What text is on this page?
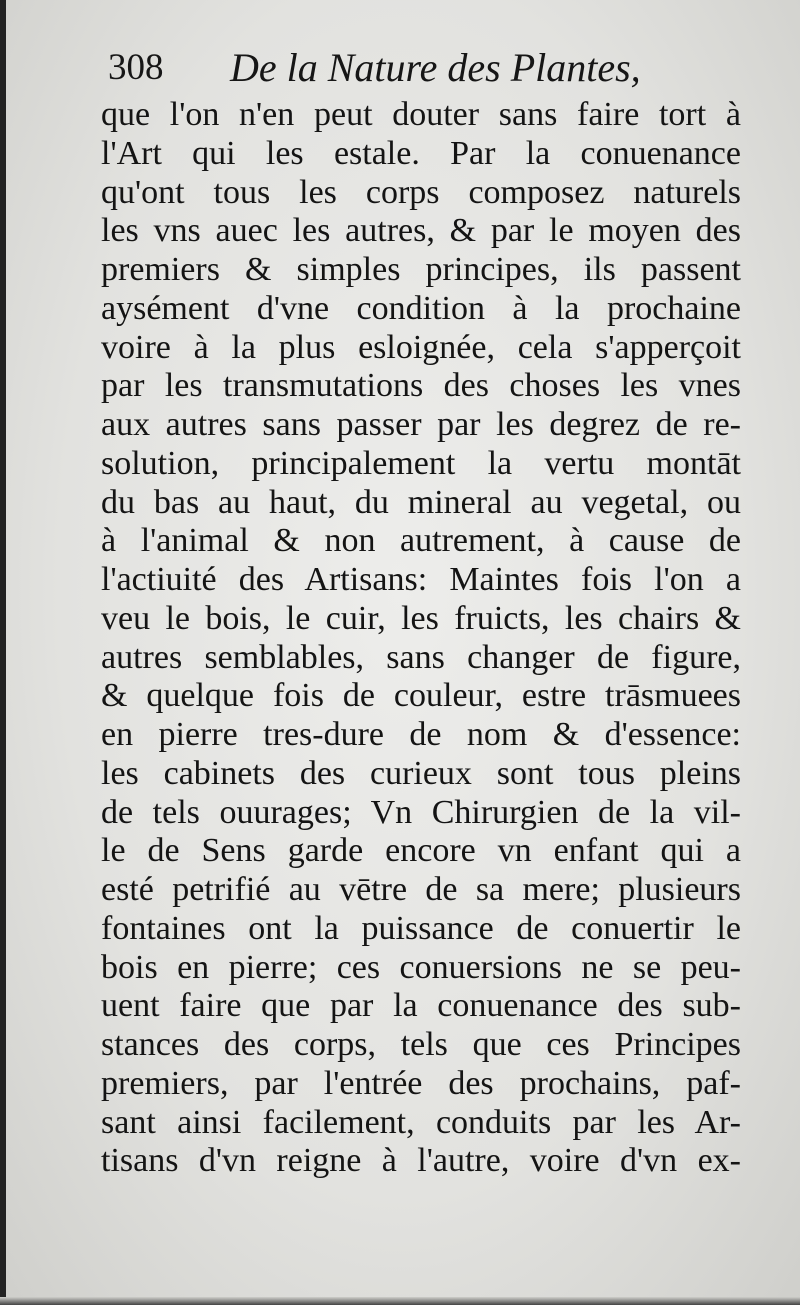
308 De la Nature des Plantes,
que l'on n'en peut douter sans faire tort à
l'Art qui les estale. Par la conuenance
qu'ont tous les corps composez naturels
les vns auec les autres, & par le moyen des
premiers & simples principes, ils passent
aysément d'vne condition à la prochaine
voire à la plus esloignée, cela s'apperçoit
par les transmutations des choses les vnes
aux autres sans passer par les degrez de re-
solution, principalement la vertu montāt
du bas au haut, du mineral au vegetal, ou
à l'animal & non autrement, à cause de
l'actiuité des Artisans: Maintes fois l'on a
veu le bois, le cuir, les fruicts, les chairs &
autres semblables, sans changer de figure,
& quelque fois de couleur, estre trāsmuees
en pierre tres-dure de nom & d'essence:
les cabinets des curieux sont tous pleins
de tels ouurages; Vn Chirurgien de la vil-
le de Sens garde encore vn enfant qui a
esté petrifié au vētre de sa mere; plusieurs
fontaines ont la puissance de conuertir le
bois en pierre; ces conuersions ne se peu-
uent faire que par la conuenance des sub-
stances des corps, tels que ces Principes
premiers, par l'entrée des prochains, paf-
sant ainsi facilement, conduits par les Ar-
tisans d'vn reigne à l'autre, voire d'vn ex-
